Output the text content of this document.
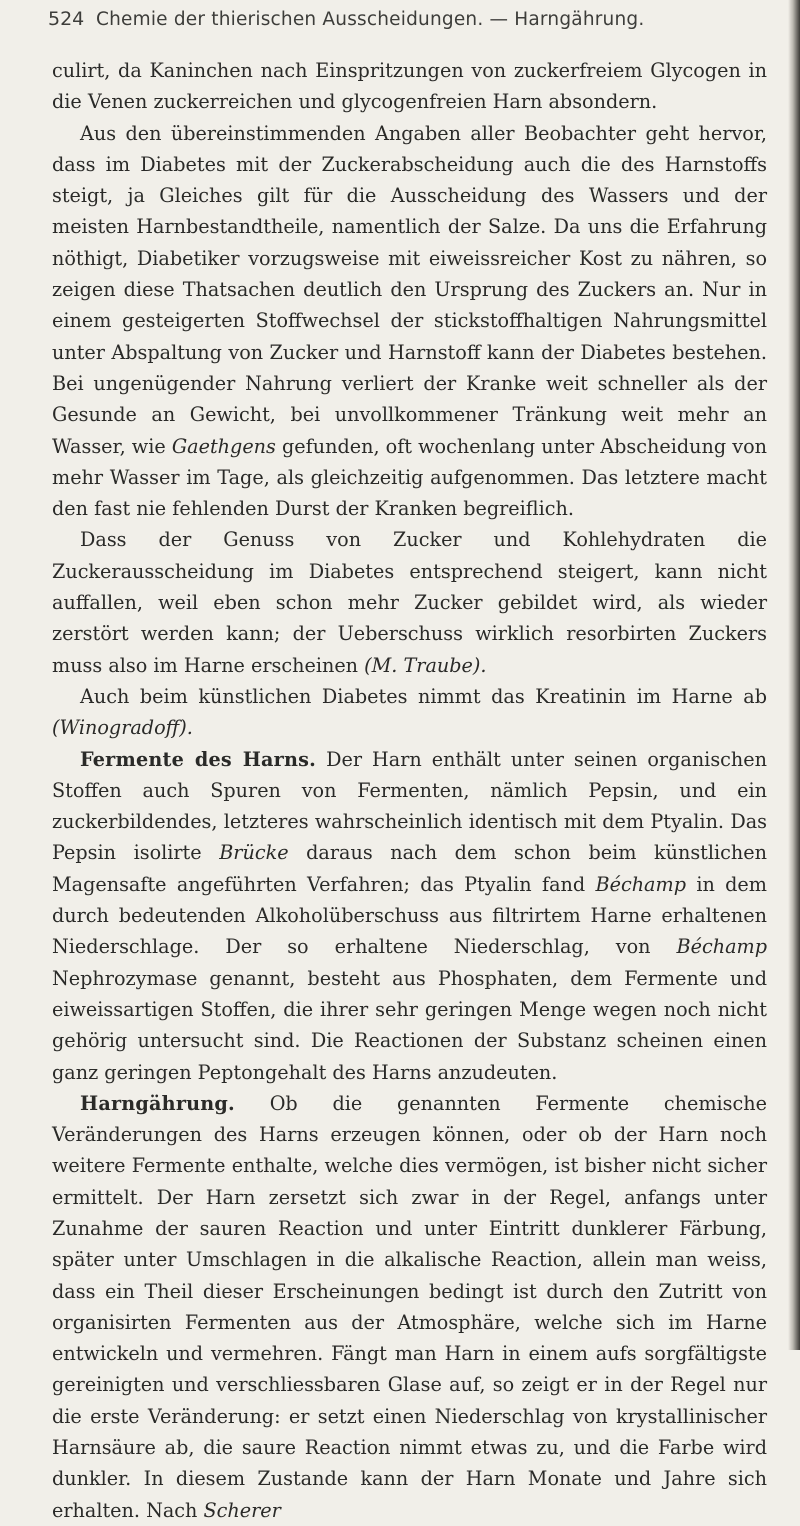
524 Chemie der thierischen Ausscheidungen. — Harngährung.

culirt, da Kaninchen nach Einspritzungen von zuckerfreiem Glycogen in die Venen zuckerreichen und glycogenfreien Harn absondern.

Aus den übereinstimmenden Angaben aller Beobachter geht hervor, dass im Diabetes mit der Zuckerabscheidung auch die des Harnstoffs steigt, ja Gleiches gilt für die Ausscheidung des Wassers und der meisten Harnbestandtheile, namentlich der Salze. Da uns die Erfahrung nöthigt, Diabetiker vorzugsweise mit eiweissreicher Kost zu nähren, so zeigen diese Thatsachen deutlich den Ursprung des Zuckers an. Nur in einem gesteigerten Stoffwechsel der stickstoffhaltigen Nahrungsmittel unter Abspaltung von Zucker und Harnstoff kann der Diabetes bestehen. Bei ungenügender Nahrung verliert der Kranke weit schneller als der Gesunde an Gewicht, bei unvollkommener Tränkung weit mehr an Wasser, wie Gaethgens gefunden, oft wochenlang unter Abscheidung von mehr Wasser im Tage, als gleichzeitig aufgenommen. Das letztere macht den fast nie fehlenden Durst der Kranken begreiflich.

Dass der Genuss von Zucker und Kohlehydraten die Zuckerausscheidung im Diabetes entsprechend steigert, kann nicht auffallen, weil eben schon mehr Zucker gebildet wird, als wieder zerstört werden kann; der Ueberschuss wirklich resorbirten Zuckers muss also im Harne erscheinen (M. Traube).

Auch beim künstlichen Diabetes nimmt das Kreatinin im Harne ab (Winogradoff).

Fermente des Harns. Der Harn enthält unter seinen organischen Stoffen auch Spuren von Fermenten, nämlich Pepsin, und ein zuckerbildendes, letzteres wahrscheinlich identisch mit dem Ptyalin. Das Pepsin isolirte Brücke daraus nach dem schon beim künstlichen Magensafte angeführten Verfahren; das Ptyalin fand Béchamp in dem durch bedeutenden Alkoholüberschuss aus filtrirtem Harne erhaltenen Niederschlage. Der so erhaltene Niederschlag, von Béchamp Nephrozymase genannt, besteht aus Phosphaten, dem Fermente und eiweissartigen Stoffen, die ihrer sehr geringen Menge wegen noch nicht gehörig untersucht sind. Die Reactionen der Substanz scheinen einen ganz geringen Peptongehalt des Harns anzudeuten.

Harngährung. Ob die genannten Fermente chemische Veränderungen des Harns erzeugen können, oder ob der Harn noch weitere Fermente enthalte, welche dies vermögen, ist bisher nicht sicher ermittelt. Der Harn zersetzt sich zwar in der Regel, anfangs unter Zunahme der sauren Reaction und unter Eintritt dunklerer Färbung, später unter Umschlagen in die alkalische Reaction, allein man weiss, dass ein Theil dieser Erscheinungen bedingt ist durch den Zutritt von organisirten Fermenten aus der Atmosphäre, welche sich im Harne entwickeln und vermehren. Fängt man Harn in einem aufs sorgfältigste gereinigten und verschliessbaren Glase auf, so zeigt er in der Regel nur die erste Veränderung: er setzt einen Niederschlag von krystallinischer Harnsäure ab, die saure Reaction nimmt etwas zu, und die Farbe wird dunkler. In diesem Zustande kann der Harn Monate und Jahre sich erhalten. Nach Scherer
